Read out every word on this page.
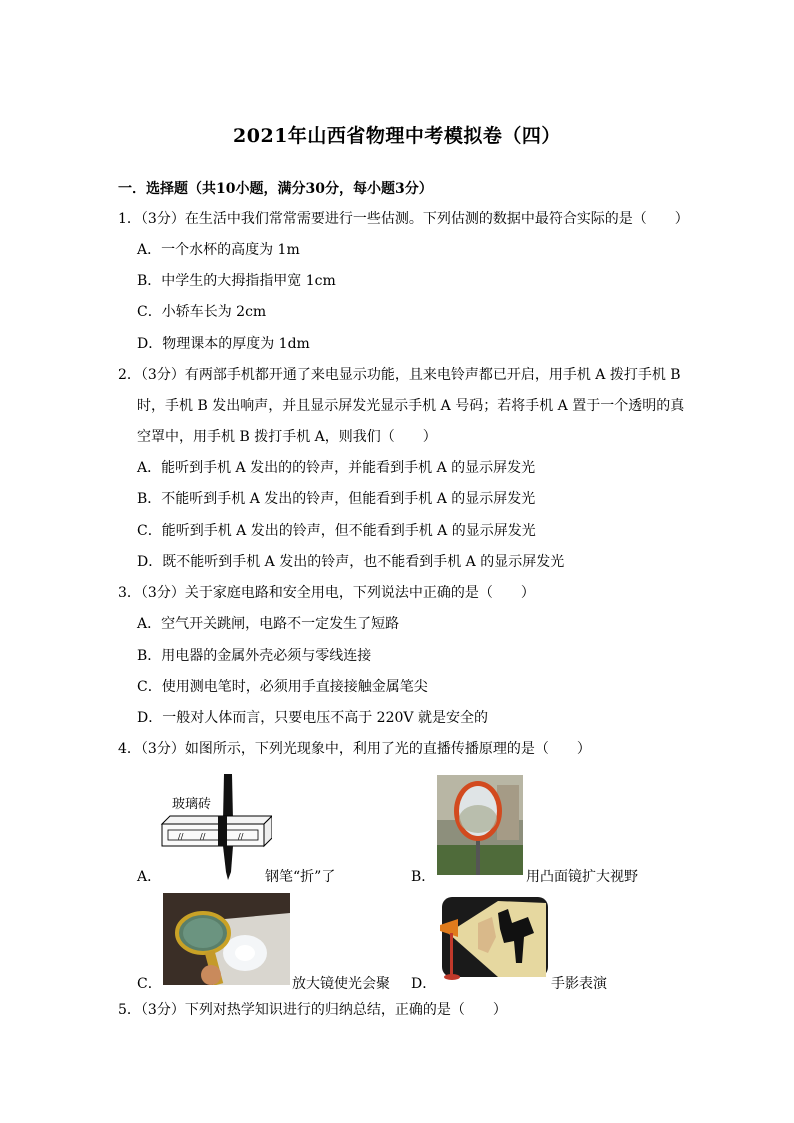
2021年山西省物理中考模拟卷（四）
一．选择题（共10小题，满分30分，每小题3分）
1．（3分）在生活中我们常常需要进行一些估测。下列估测的数据中最符合实际的是（　　）
A．一个水杯的高度为 1m
B．中学生的大拇指指甲宽 1cm
C．小轿车长为 2cm
D．物理课本的厚度为 1dm
2．（3分）有两部手机都开通了来电显示功能，且来电铃声都已开启，用手机 A 拨打手机 B
时，手机 B 发出响声，并且显示屏发光显示手机 A 号码；若将手机 A 置于一个透明的真
空罩中，用手机 B 拨打手机 A，则我们（　　）
A．能听到手机 A 发出的的铃声，并能看到手机 A 的显示屏发光
B．不能听到手机 A 发出的铃声，但能看到手机 A 的显示屏发光
C．能听到手机 A 发出的铃声，但不能看到手机 A 的显示屏发光
D．既不能听到手机 A 发出的铃声，也不能看到手机 A 的显示屏发光
3．（3分）关于家庭电路和安全用电，下列说法中正确的是（　　）
A．空气开关跳闸，电路不一定发生了短路
B．用电器的金属外壳必须与零线连接
C．使用测电笔时，必须用手直接接触金属笔尖
D．一般对人体而言，只要电压不高于 220V 就是安全的
4．（3分）如图所示，下列光现象中，利用了光的直播传播原理的是（　　）
// //	//
玻璃砖
A．	钢笔“折”了	B．	用凸面镜扩大视野
C．	放大镜使光会聚 D．	手影表演
5．（3分）下列对热学知识进行的归纳总结，正确的是（　　）
